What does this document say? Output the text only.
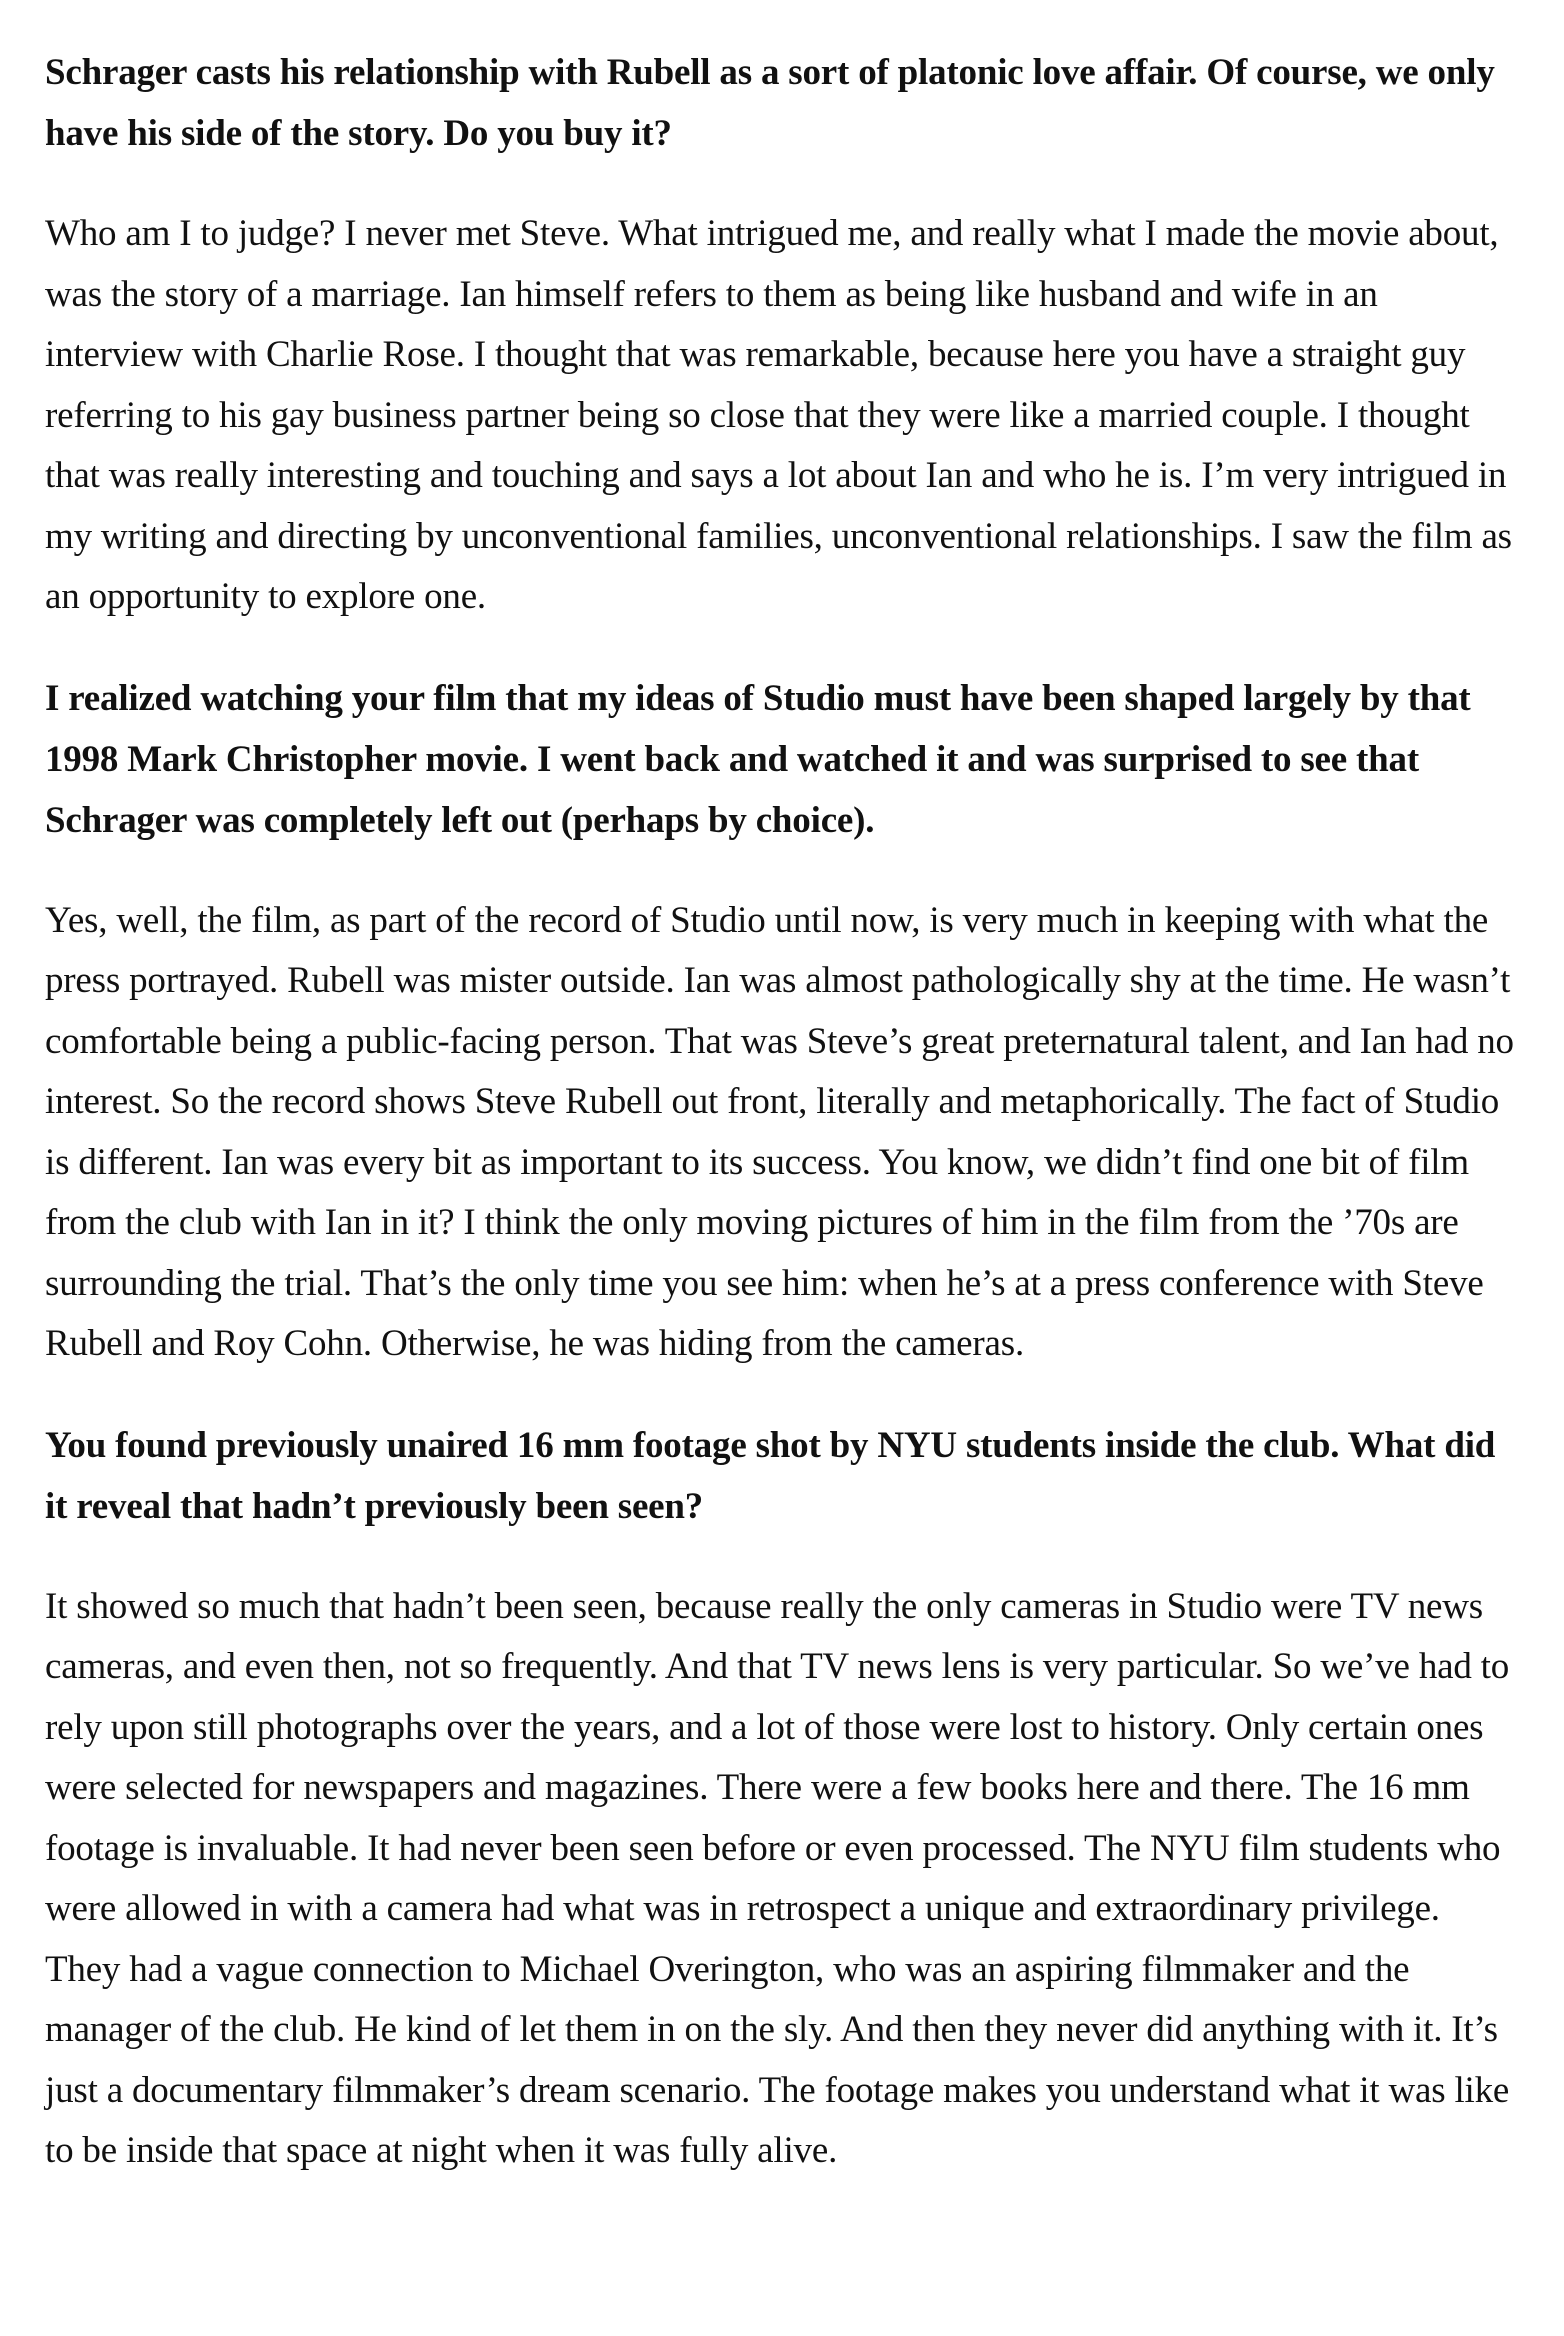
Schrager casts his relationship with Rubell as a sort of platonic love affair. Of course, we only have his side of the story. Do you buy it?

Who am I to judge? I never met Steve. What intrigued me, and really what I made the movie about, was the story of a marriage. Ian himself refers to them as being like husband and wife in an interview with Charlie Rose. I thought that was remarkable, because here you have a straight guy referring to his gay business partner being so close that they were like a married couple. I thought that was really interesting and touching and says a lot about Ian and who he is. I’m very intrigued in my writing and directing by unconventional families, unconventional relationships. I saw the film as an opportunity to explore one.

I realized watching your film that my ideas of Studio must have been shaped largely by that 1998 Mark Christopher movie. I went back and watched it and was surprised to see that Schrager was completely left out (perhaps by choice).

Yes, well, the film, as part of the record of Studio until now, is very much in keeping with what the press portrayed. Rubell was mister outside. Ian was almost pathologically shy at the time. He wasn’t comfortable being a public-facing person. That was Steve’s great preternatural talent, and Ian had no interest. So the record shows Steve Rubell out front, literally and metaphorically. The fact of Studio is different. Ian was every bit as important to its success. You know, we didn’t find one bit of film from the club with Ian in it? I think the only moving pictures of him in the film from the ’70s are surrounding the trial. That’s the only time you see him: when he’s at a press conference with Steve Rubell and Roy Cohn. Otherwise, he was hiding from the cameras.

You found previously unaired 16 mm footage shot by NYU students inside the club. What did it reveal that hadn’t previously been seen?

It showed so much that hadn’t been seen, because really the only cameras in Studio were TV news cameras, and even then, not so frequently. And that TV news lens is very particular. So we’ve had to rely upon still photographs over the years, and a lot of those were lost to history. Only certain ones were selected for newspapers and magazines. There were a few books here and there. The 16 mm footage is invaluable. It had never been seen before or even processed. The NYU film students who were allowed in with a camera had what was in retrospect a unique and extraordinary privilege. They had a vague connection to Michael Overington, who was an aspiring filmmaker and the manager of the club. He kind of let them in on the sly. And then they never did anything with it. It’s just a documentary filmmaker’s dream scenario. The footage makes you understand what it was like to be inside that space at night when it was fully alive.
